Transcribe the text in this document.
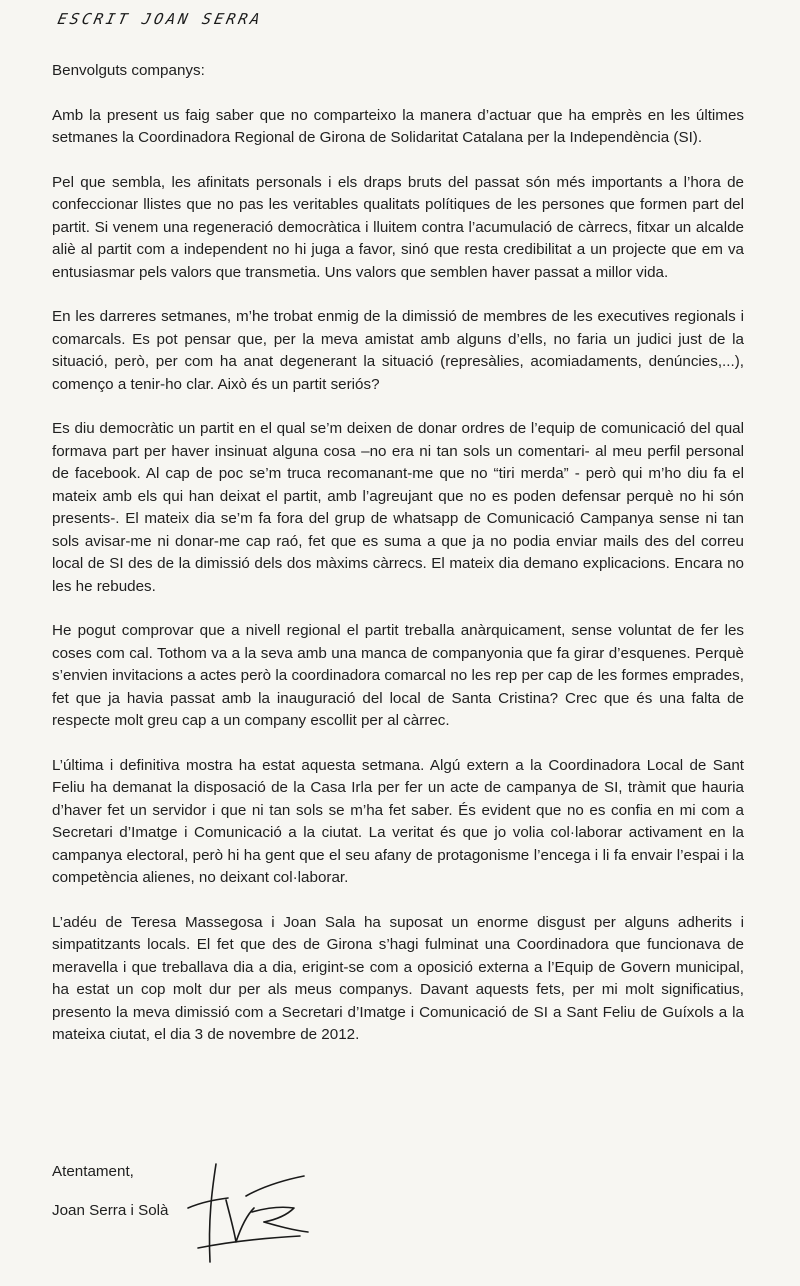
ESCRIT JOAN SERRA

Benvolguts companys:

Amb la present us faig saber que no comparteixo la manera d’actuar que ha emprès en les últimes setmanes la Coordinadora Regional de Girona de Solidaritat Catalana per la Independència (SI).

Pel que sembla, les afinitats personals i els draps bruts del passat són més importants a l’hora de confeccionar llistes que no pas les veritables qualitats polítiques de les persones que formen part del partit. Si venem una regeneració democràtica i lluitem contra l’acumulació de càrrecs, fitxar un alcalde aliè al partit com a independent no hi juga a favor, sinó que resta credibilitat a un projecte que em va entusiasmar pels valors que transmetia. Uns valors que semblen haver passat a millor vida.

En les darreres setmanes, m’he trobat enmig de la dimissió de membres de les executives regionals i comarcals. Es pot pensar que, per la meva amistat amb alguns d’ells, no faria un judici just de la situació, però, per com ha anat degenerant la situació (represàlies, acomiadaments, denúncies,...), començo a tenir-ho clar. Això és un partit seriós?

Es diu democràtic un partit en el qual se’m deixen de donar ordres de l’equip de comunicació del qual formava part per haver insinuat alguna cosa –no era ni tan sols un comentari- al meu perfil personal de facebook. Al cap de poc se’m truca recomanant-me que no “tiri merda” - però qui m’ho diu fa el mateix amb els qui han deixat el partit, amb l’agreujant que no es poden defensar perquè no hi són presents-. El mateix dia se’m fa fora del grup de whatsapp de Comunicació Campanya sense ni tan sols avisar-me ni donar-me cap raó, fet que es suma a que ja no podia enviar mails des del correu local de SI des de la dimissió dels dos màxims càrrecs. El mateix dia demano explicacions. Encara no les he rebudes.

He pogut comprovar que a nivell regional el partit treballa anàrquicament, sense voluntat de fer les coses com cal. Tothom va a la seva amb una manca de companyonia que fa girar d’esquenes. Perquè s’envien invitacions a actes però la coordinadora comarcal no les rep per cap de les formes emprades, fet que ja havia passat amb la inauguració del local de Santa Cristina? Crec que és una falta de respecte molt greu cap a un company escollit per al càrrec.

L’última i definitiva mostra ha estat aquesta setmana. Algú extern a la Coordinadora Local de Sant Feliu ha demanat la disposació de la Casa Irla per fer un acte de campanya de SI, tràmit que hauria d’haver fet un servidor i que ni tan sols se m’ha fet saber. És evident que no es confia en mi com a Secretari d’Imatge i Comunicació a la ciutat. La veritat és que jo volia col·laborar activament en la campanya electoral, però hi ha gent que el seu afany de protagonisme l’encega i li fa envair l’espai i la competència alienes, no deixant col·laborar.

L’adéu de Teresa Massegosa i Joan Sala ha suposat un enorme disgust per alguns adherits i simpatitzants locals. El fet que des de Girona s’hagi fulminat una Coordinadora que funcionava de meravella i que treballava dia a dia, erigint-se com a oposició externa a l’Equip de Govern municipal, ha estat un cop molt dur per als meus companys. Davant aquests fets, per mi molt significatius, presento la meva dimissió com a Secretari d’Imatge i Comunicació de SI a Sant Feliu de Guíxols a la mateixa ciutat, el dia 3 de novembre de 2012.

Atentament,
Joan Serra i Solà
